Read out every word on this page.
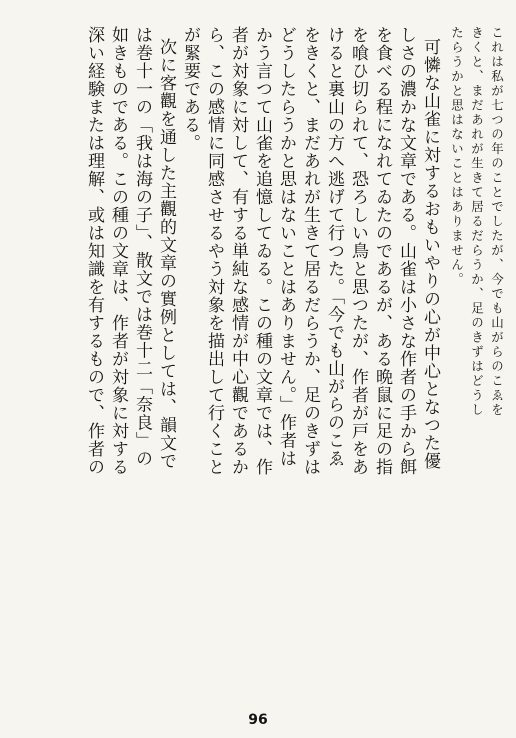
これは私が七つの年のことでしたが、今でも山がらのこゑを
きくと、まだあれが生きて居るだらうか、足のきずはどうし
たらうかと思はないことはありません。
可憐な山雀に対するおもいやりの心が中心となつた優
しさの濃かな文章である。山雀は小さな作者の手から餌
を食べる程になれてゐたのであるが、ある晩鼠に足の指
を喰ひ切られて、恐ろしい鳥と思つたが、作者が戸をあ
けると裏山の方へ逃げて行つた。「今でも山がらのこゑ
をきくと、まだあれが生きて居るだらうか、足のきずは
どうしたらうかと思はないことはありません。」作者は
かう言つて山雀を追憶してゐる。この種の文章では、作
者が対象に対して、有する単純な感情が中心觀であるか
ら、この感情に同感させるやう対象を描出して行くこと
が緊要である。
次に客觀を通した主觀的文章の實例としては、韻文で
は巻十一の「我は海の子」、散文では巻十二「奈良」の
如きものである。この種の文章は、作者が対象に対する
深い経験または理解、或は知識を有するもので、作者の
96
